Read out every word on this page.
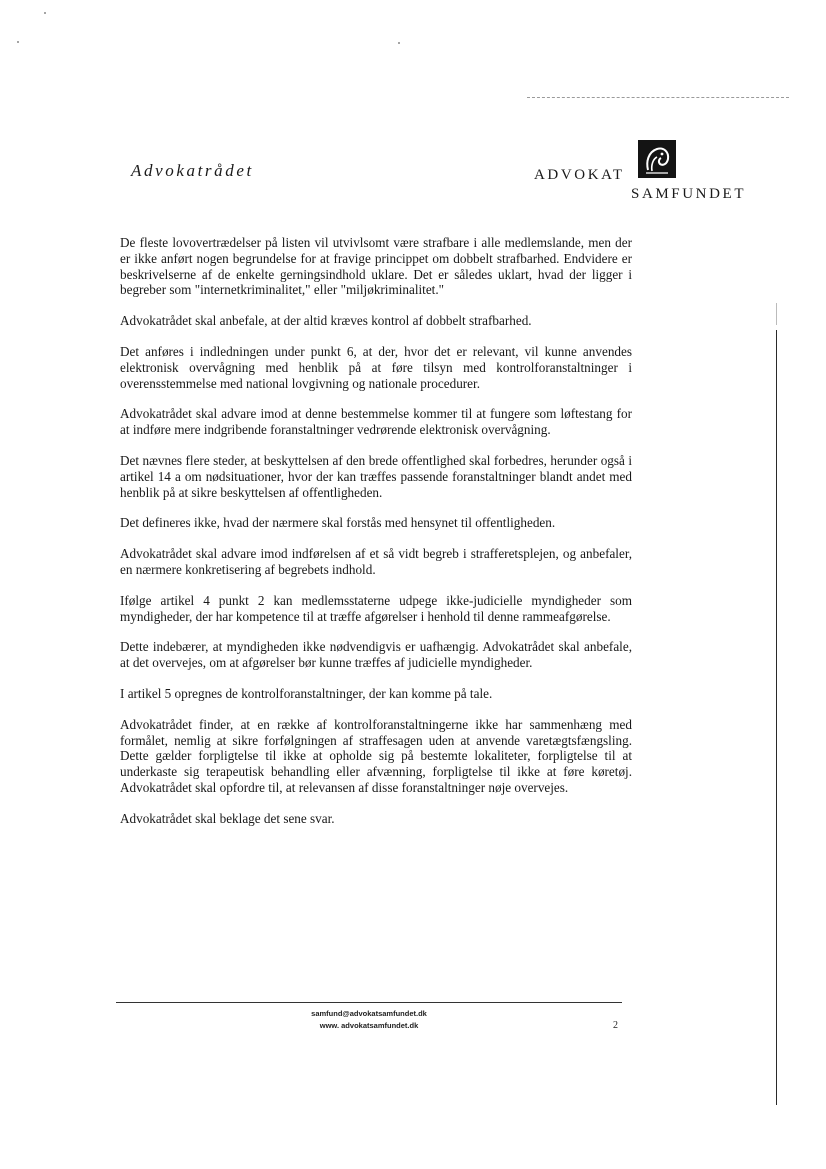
Advokatrådet	ADVOKAT
SAMFUNDET

De fleste lovovertrædelser på listen vil utvivlsomt være strafbare i alle medlemslande, men der er ikke anført nogen begrundelse for at fravige princippet om dobbelt strafbarhed. Endvidere er beskrivelserne af de enkelte gerningsindhold uklare. Det er således uklart, hvad der ligger i begreber som "internetkriminalitet," eller "miljøkriminalitet."

Advokatrådet skal anbefale, at der altid kræves kontrol af dobbelt strafbarhed.

Det anføres i indledningen under punkt 6, at der, hvor det er relevant, vil kunne anvendes elektronisk overvågning med henblik på at føre tilsyn med kontrolforanstaltninger i overensstemmelse med national lovgivning og nationale procedurer.

Advokatrådet skal advare imod at denne bestemmelse kommer til at fungere som løftestang for at indføre mere indgribende foranstaltninger vedrørende elektronisk overvågning.

Det nævnes flere steder, at beskyttelsen af den brede offentlighed skal forbedres, herunder også i artikel 14 a om nødsituationer, hvor der kan træffes passende foranstaltninger blandt andet med henblik på at sikre beskyttelsen af offentligheden.

Det defineres ikke, hvad der nærmere skal forstås med hensynet til offentligheden.

Advokatrådet skal advare imod indførelsen af et så vidt begreb i strafferetsplejen, og anbefaler, en nærmere konkretisering af begrebets indhold.

Ifølge artikel 4 punkt 2 kan medlemsstaterne udpege ikke-judicielle myndigheder som myndigheder, der har kompetence til at træffe afgørelser i henhold til denne rammeafgørelse.

Dette indebærer, at myndigheden ikke nødvendigvis er uafhængig. Advokatrådet skal anbefale, at det overvejes, om at afgørelser bør kunne træffes af judicielle myndigheder.

I artikel 5 opregnes de kontrolforanstaltninger, der kan komme på tale.

Advokatrådet finder, at en række af kontrolforanstaltningerne ikke har sammenhæng med formålet, nemlig at sikre forfølgningen af straffesagen uden at anvende varetægtsfængsling. Dette gælder forpligtelse til ikke at opholde sig på bestemte lokaliteter, forpligtelse til at underkaste sig terapeutisk behandling eller afvænning, forpligtelse til ikke at føre køretøj. Advokatrådet skal opfordre til, at relevansen af disse foranstaltninger nøje overvejes.

Advokatrådet skal beklage det sene svar.

samfund@advokatsamfundet.dk
www. advokatsamfundet.dk	2
